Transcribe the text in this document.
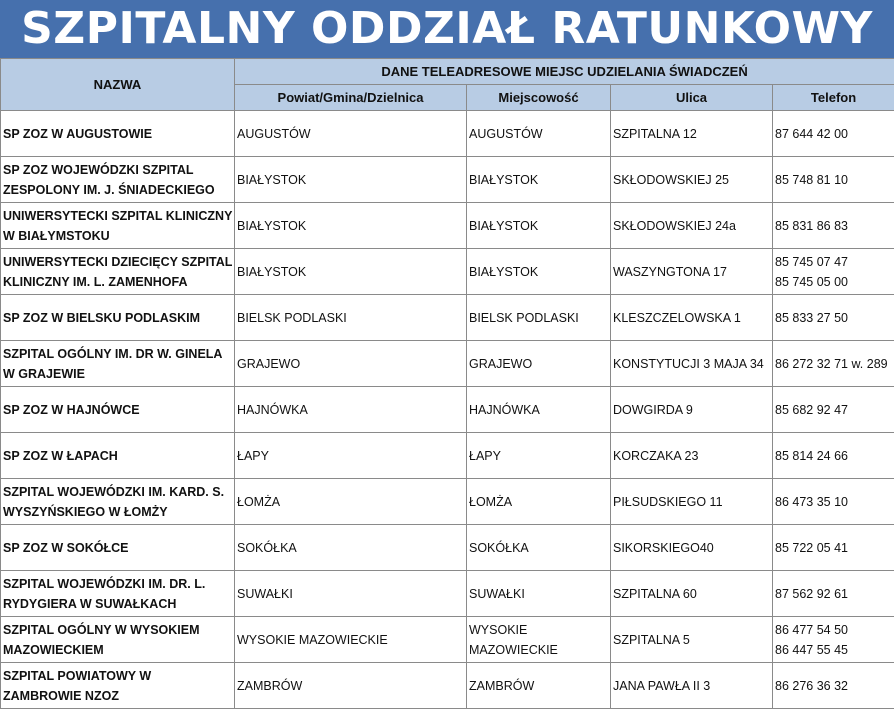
SZPITALNY ODDZIAŁ RATUNKOWY
NAZWA	DANE TELEADRESOWE MIEJSC UDZIELANIA ŚWIADCZEŃ			
	Powiat/Gmina/Dzielnica	Miejscowość	Ulica	Telefon

SP ZOZ W AUGUSTOWIE	AUGUSTÓW	AUGUSTÓW	SZPITALNA 12	87 644 42 00

SP ZOZ WOJEWÓDZKI SZPITAL
ZESPOLONY IM. J. ŚNIADECKIEGO	BIAŁYSTOK	BIAŁYSTOK	SKŁODOWSKIEJ 25	85 748 81 10

UNIWERSYTECKI SZPITAL KLINICZNY
W BIAŁYMSTOKU	BIAŁYSTOK	BIAŁYSTOK	SKŁODOWSKIEJ 24a	85 831 86 83

UNIWERSYTECKI DZIECIĘCY SZPITAL
KLINICZNY IM. L. ZAMENHOFA	BIAŁYSTOK	BIAŁYSTOK	WASZYNGTONA 17	85 745 07 47
85 745 05 00

SP ZOZ W BIELSKU PODLASKIM	BIELSK PODLASKI	BIELSK PODLASKI	KLESZCZELOWSKA 1	85 833 27 50

SZPITAL OGÓLNY IM. DR W. GINELA
W GRAJEWIE	GRAJEWO	GRAJEWO	KONSTYTUCJI 3 MAJA 34	86 272 32 71 w. 289

SP ZOZ W HAJNÓWCE	HAJNÓWKA	HAJNÓWKA	DOWGIRDA 9	85 682 92 47

SP ZOZ W ŁAPACH	ŁAPY	ŁAPY	KORCZAKA 23	85 814 24 66

SZPITAL WOJEWÓDZKI IM. KARD. S.
WYSZYŃSKIEGO W ŁOMŻY	ŁOMŻA	ŁOMŻA	PIŁSUDSKIEGO 11	86 473 35 10

SP ZOZ W SOKÓŁCE	SOKÓŁKA	SOKÓŁKA	SIKORSKIEGO40	85 722 05 41

SZPITAL WOJEWÓDZKI IM. DR. L.
RYDYGIERA W SUWAŁKACH	SUWAŁKI	SUWAŁKI	SZPITALNA 60	87 562 92 61

SZPITAL OGÓLNY W WYSOKIEM
MAZOWIECKIEM	WYSOKIE MAZOWIECKIE	WYSOKIE
MAZOWIECKIE	SZPITALNA 5	86 477 54 50
86 447 55 45

SZPITAL POWIATOWY W
ZAMBROWIE NZOZ	ZAMBRÓW	ZAMBRÓW	JANA PAWŁA II 3	86 276 36 32
